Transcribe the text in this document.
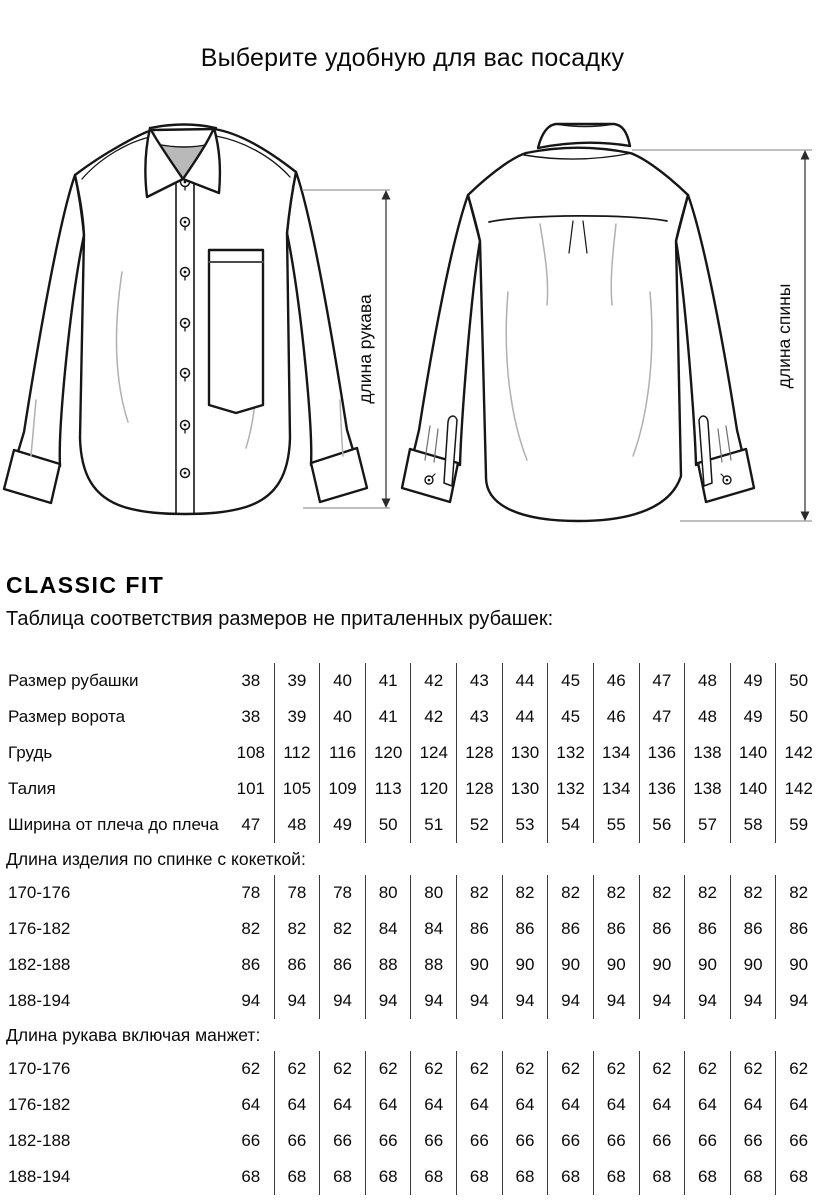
Выберите удобную для вас посадку
длина рукава	длина спины
CLASSIC FIT

Таблица соответствия размеров не приталенных рубашек:

Размер рубашки	38	39	40	41	42	43	44	45	46	47	48	49	50
Размер ворота	38	39	40	41	42	43	44	45	46	47	48	49	50
Грудь	108	112	116	120	124	128	130	132	134	136	138	140	142
Талия	101	105	109	113	120	128	130	132	134	136	138	140	142
Ширина от плеча до плеча	47	48	49	50	51	52	53	54	55	56	57	58	59
Длина изделия по спинке с кокеткой:
170-176	78	78	78	80	80	82	82	82	82	82	82	82	82
176-182	82	82	82	84	84	86	86	86	86	86	86	86	86
182-188	86	86	86	88	88	90	90	90	90	90	90	90	90
188-194	94	94	94	94	94	94	94	94	94	94	94	94	94
Длина рукава включая манжет:
170-176	62	62	62	62	62	62	62	62	62	62	62	62	62
176-182	64	64	64	64	64	64	64	64	64	64	64	64	64
182-188	66	66	66	66	66	66	66	66	66	66	66	66	66
188-194	68	68	68	68	68	68	68	68	68	68	68	68	68
